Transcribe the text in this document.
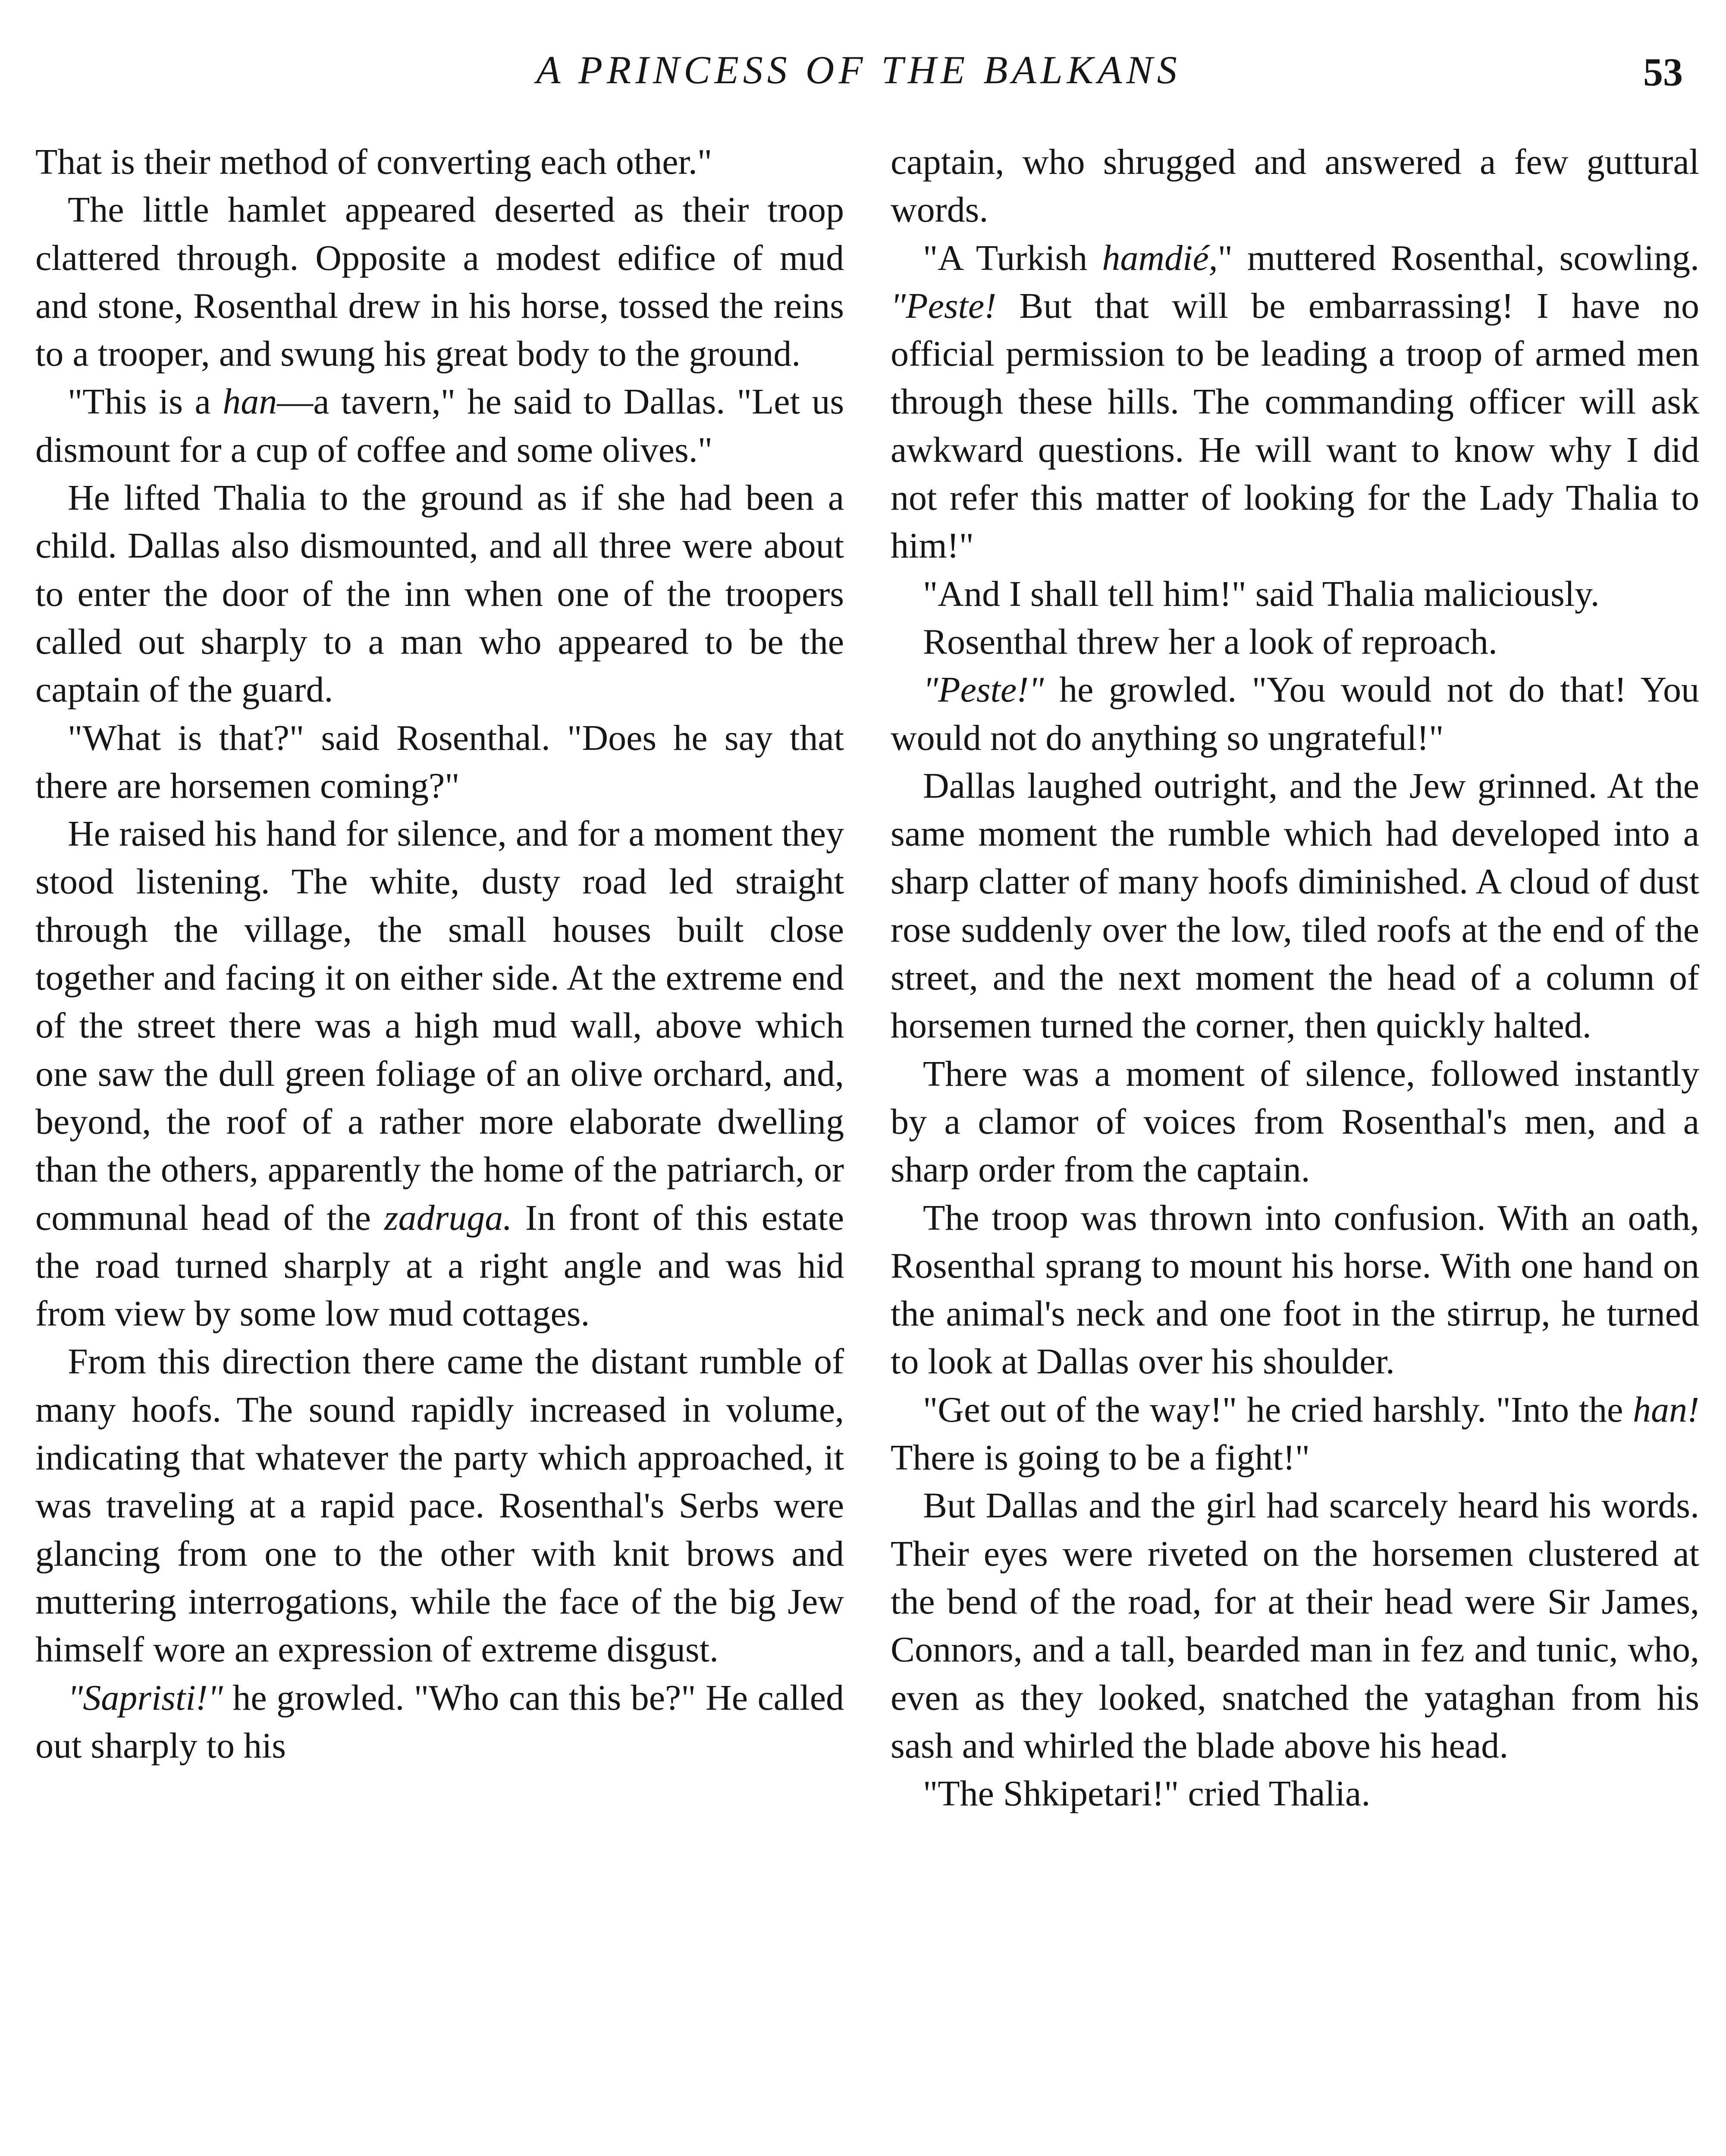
A PRINCESS OF THE BALKANS	53

That is their method of converting each other."

The little hamlet appeared deserted as their troop clattered through. Opposite a modest edifice of mud and stone, Rosenthal drew in his horse, tossed the reins to a trooper, and swung his great body to the ground.

"This is a han—a tavern," he said to Dallas. "Let us dismount for a cup of coffee and some olives."

He lifted Thalia to the ground as if she had been a child. Dallas also dismounted, and all three were about to enter the door of the inn when one of the troopers called out sharply to a man who appeared to be the captain of the guard.

"What is that?" said Rosenthal. "Does he say that there are horsemen coming?"

He raised his hand for silence, and for a moment they stood listening. The white, dusty road led straight through the village, the small houses built close together and facing it on either side. At the extreme end of the street there was a high mud wall, above which one saw the dull green foliage of an olive orchard, and, beyond, the roof of a rather more elaborate dwelling than the others, apparently the home of the patriarch, or communal head of the zadruga. In front of this estate the road turned sharply at a right angle and was hid from view by some low mud cottages.

From this direction there came the distant rumble of many hoofs. The sound rapidly increased in volume, indicating that whatever the party which approached, it was traveling at a rapid pace. Rosenthal's Serbs were glancing from one to the other with knit brows and muttering interrogations, while the face of the big Jew himself wore an expression of extreme disgust.

"Sapristi!" he growled. "Who can this be?" He called out sharply to his

captain, who shrugged and answered a few guttural words.

"A Turkish hamdié," muttered Rosenthal, scowling. "Peste! But that will be embarrassing! I have no official permission to be leading a troop of armed men through these hills. The commanding officer will ask awkward questions. He will want to know why I did not refer this matter of looking for the Lady Thalia to him!"

"And I shall tell him!" said Thalia maliciously.

Rosenthal threw her a look of reproach.

"Peste!" he growled. "You would not do that! You would not do anything so ungrateful!"

Dallas laughed outright, and the Jew grinned. At the same moment the rumble which had developed into a sharp clatter of many hoofs diminished. A cloud of dust rose suddenly over the low, tiled roofs at the end of the street, and the next moment the head of a column of horsemen turned the corner, then quickly halted.

There was a moment of silence, followed instantly by a clamor of voices from Rosenthal's men, and a sharp order from the captain.

The troop was thrown into confusion. With an oath, Rosenthal sprang to mount his horse. With one hand on the animal's neck and one foot in the stirrup, he turned to look at Dallas over his shoulder.

"Get out of the way!" he cried harshly. "Into the han! There is going to be a fight!"

But Dallas and the girl had scarcely heard his words. Their eyes were riveted on the horsemen clustered at the bend of the road, for at their head were Sir James, Connors, and a tall, bearded man in fez and tunic, who, even as they looked, snatched the yataghan from his sash and whirled the blade above his head.

"The Shkipetari!" cried Thalia.
